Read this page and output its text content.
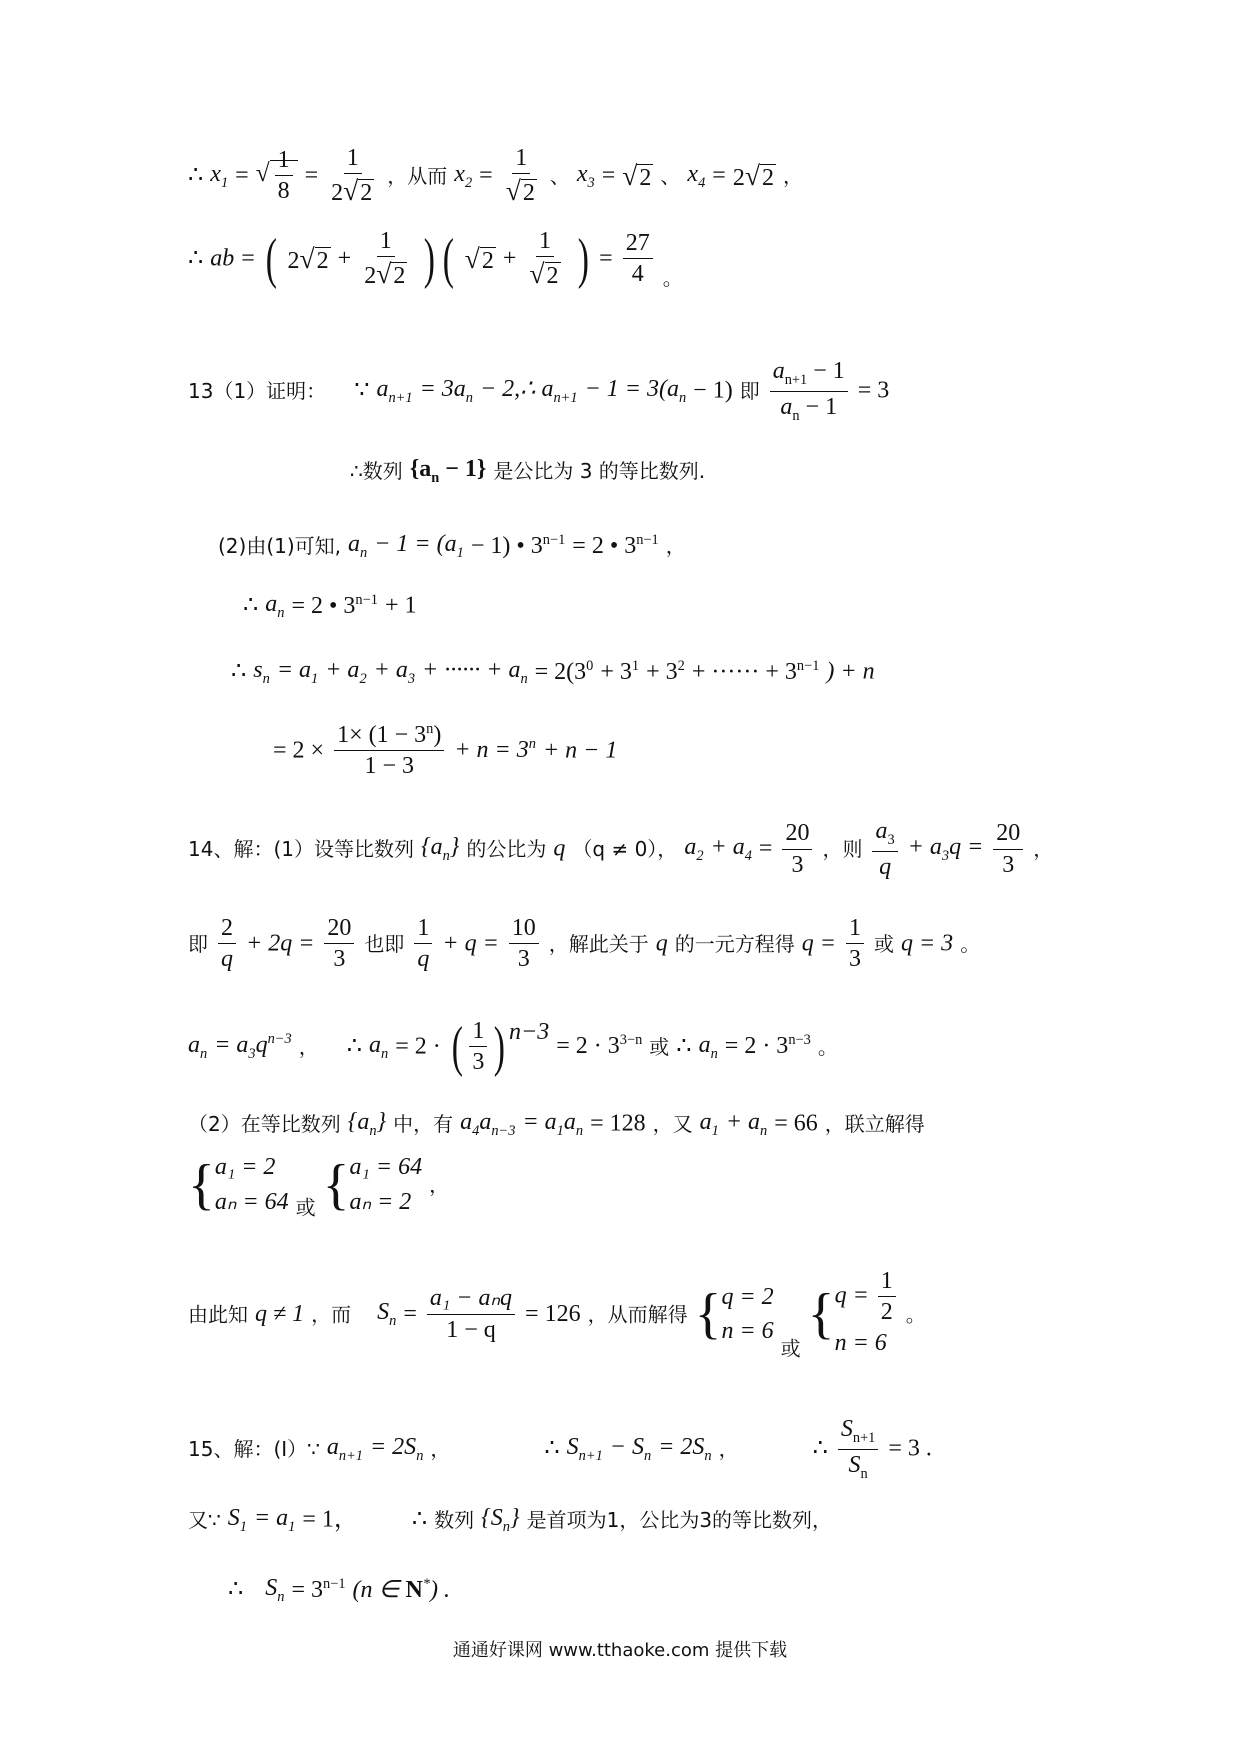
∴ $x_1$ = √ $\frac{1}{8} = \frac{1}{2√2}$ ，从而 $x_2 = \frac{1}{√2}$ 、 $x_3 = √2$ 、 $x_4 = 2√2$ ，
∴ ab = ( $2√2 + \frac{1}{2√2}$ ) ( $√2 + \frac{1}{√2}$ ) = $\frac{27}{4}$ 。
13（1）证明： ∵ $a_{n+1} = 3a_n$ − 2,∴ $a_{n+1} - 1 = 3(a_n - 1)$ 即 $\frac{a_{n+1} - 1}{a_n - 1} = 3$
∴数列 $\{a_n - 1\}$ 是公比为 3 的等比数列.
(2)由(1)可知, $a_n - 1 = (a_1 - 1)$ • $3^{n-1} = 2$ • $3^{n-1}$ ，
∴ $a_n = 2$ • $3^{n-1} + 1$
∴ $s_n = a_1 + a_2 + a_3$ + ······ + $a_n = 2(3^0 + 3^1 + 3^2$ + ······ + $3^{n-1}$ ) + n
= $2 \times \frac{1\times (1 - 3^n)}{1 - 3} + n = 3^n + n - 1$
14、解：(1）设等比数列 $\{a_n\}$ 的公比为 q （q ≠ 0）， $a_2 + a_4 = \frac{20}{3}$ ，则 $\frac{a_3}{q} + a_3q = \frac{20}{3}$ ，
即 $\frac{2}{q} + 2q = \frac{20}{3}$ 也即 $\frac{1}{q} + q = \frac{10}{3}$ ，解此关于 q 的一元方程得 $q = \frac{1}{3}$ 或 q = 3 。
$a_n = a_3q^{n-3}$ ， ∴ $a_n = 2$ · ( $\frac{1}{3}$ ) $^{n-3} = 2 \cdot 3^{3-n}$ 或 ∴ $a_n = 2 \cdot 3^{n-3}$ 。
（2）在等比数列 $\{a_n\}$ 中，有 $a_4a_{n-3} = a_1a_n = 128$ ，又 $a_1 + a_n = 66$ ，联立解得
{ a₁ = 2
aₙ = 64 或 { a₁ = 64
aₙ = 2
，
由此知 q ≠ 1 ，而 $S_n = \frac{\text{a₁ − aₙq}}{1 - q} = 126$ ，从而解得 { q = 2
n = 6
或
{ $q = \frac{1}{2}$
n = 6
。
15、解：(Ⅰ）∵ $a_{n+1} = 2S_n$ ，	∴ $S_{n+1} - S_n = 2S_n$ ，	∴ $\frac{S_{n+1}}{S_n} = 3$ .
又∵ $S_1 = a_1 = 1$， ∴ 数列 $\{S_n\}$ 是首项为1，公比为3的等比数列，
∴ $S_n = 3^{n-1}$ (n ∈ N*) .
通通好课网 www.tthaoke.com 提供下载
